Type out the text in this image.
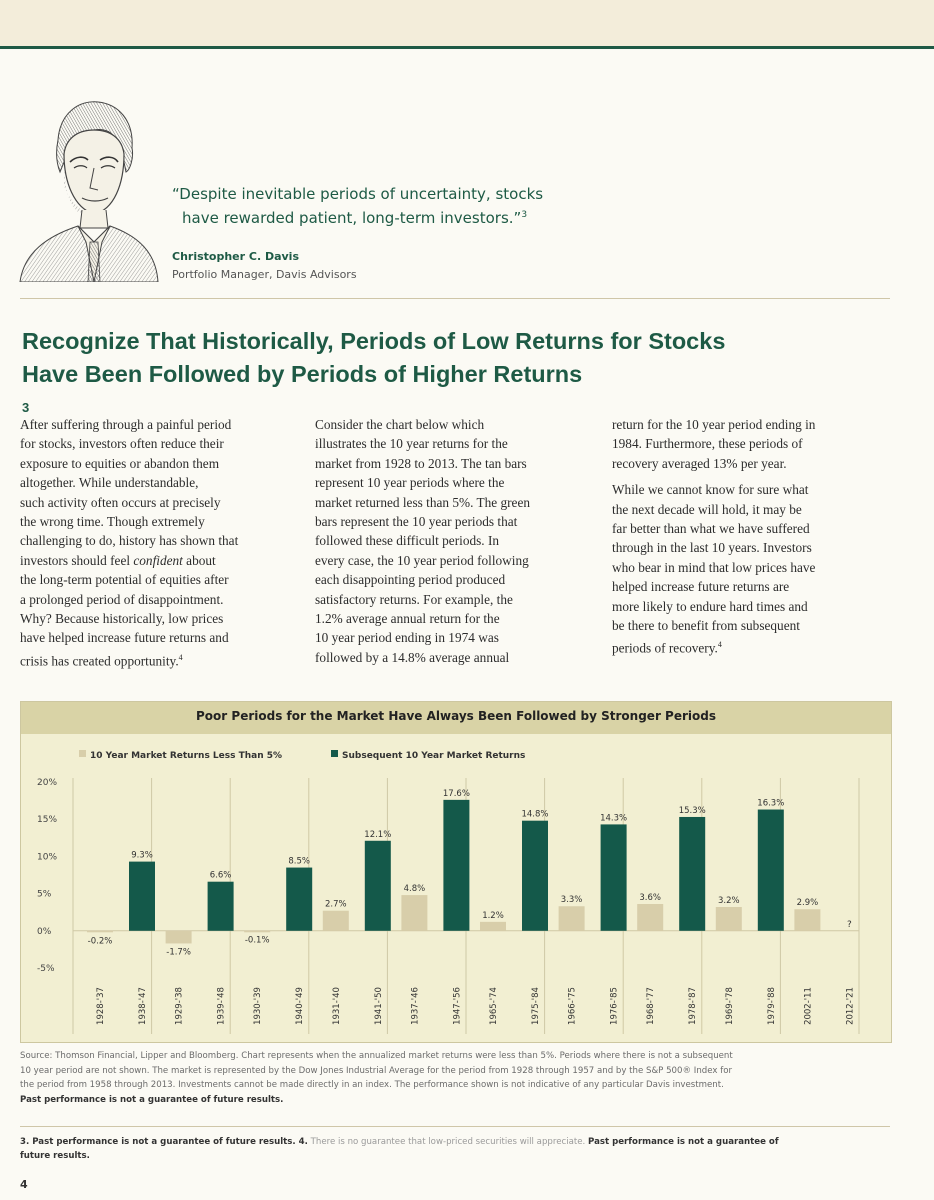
“Despite inevitable periods of uncertainty, stocks
have rewarded patient, long-term investors.”$^3$
Christopher C. Davis
Portfolio Manager, Davis Advisors
Recognize That Historically, Periods of Low Returns for Stocks
Have Been Followed by Periods of Higher Returns
$^3$
After suffering through a painful period
for stocks, investors often reduce their
exposure to equities or abandon them
altogether. While understandable,
such activity often occurs at precisely
the wrong time. Though extremely
challenging to do, history has shown that
investors should feel confident about
the long-term potential of equities after
a prolonged period of disappointment.
Why? Because historically, low prices
have helped increase future returns and
crisis has created opportunity.$^4$
Consider the chart below which
illustrates the 10 year returns for the
market from 1928 to 2013. The tan bars
represent 10 year periods where the
market returned less than 5%. The green
bars represent the 10 year periods that
followed these difficult periods. In
every case, the 10 year period following
each disappointing period produced
satisfactory returns. For example, the
1.2% average annual return for the
10 year period ending in 1974 was
followed by a 14.8% average annual
return for the 10 year period ending in
1984. Furthermore, these periods of
recovery averaged 13% per year.
While we cannot know for sure what
the next decade will hold, it may be
far better than what we have suffered
through in the last 10 years. Investors
who bear in mind that low prices have
helped increase future returns are
more likely to endure hard times and
be there to benefit from subsequent
periods of recovery.$^4$
Poor Periods for the Market Have Always Been Followed by Stronger Periods
10 Year Market Returns Less Than 5%	Subsequent 10 Year Market Returns
20%
15%
10%
5%
0%
-5%
-0.2%
1928-'37
9.3%
1938-'47
-1.7%
1929-'38
6.6%
1939-'48
-0.1%
1930-'39
8.5%
1940-'49
2.7%
1931-'40
12.1%
1941-'50
4.8%
1937-'46
17.6%
1947-'56
1.2%
1965-'74
14.8%
1975-'84
3.3%
1966-'75
14.3%
1976-'85
3.6%
1968-'77
15.3%
1978-'87
3.2%
1969-'78
16.3%
1979-'88
2.9%
2002-'11
?
2012-'21
Source: Thomson Financial, Lipper and Bloomberg. Chart represents when the annualized market returns were less than 5%. Periods where there is not a subsequent
10 year period are not shown. The market is represented by the Dow Jones Industrial Average for the period from 1928 through 1957 and by the S&P 500® Index for
the period from 1958 through 2013. Investments cannot be made directly in an index. The performance shown is not indicative of any particular Davis investment.
Past performance is not a guarantee of future results.
3. Past performance is not a guarantee of future results. 4. There is no guarantee that low-priced securities will appreciate. Past performance is not a guarantee of
future results.
4
